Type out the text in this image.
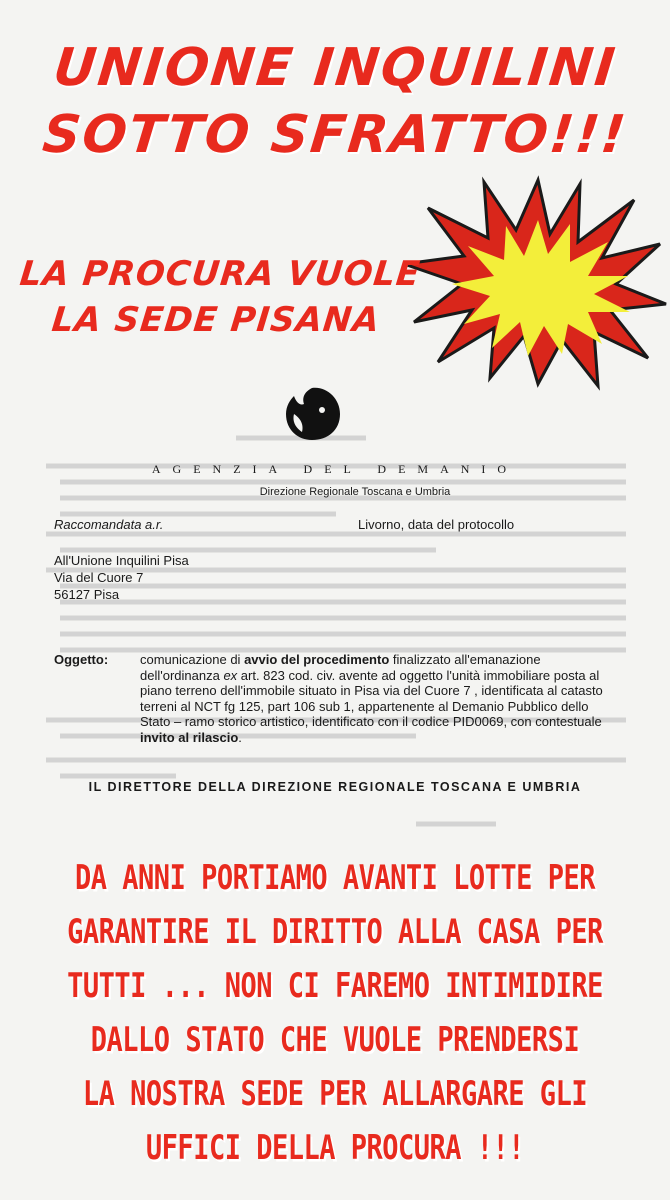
UNIONE INQUILINI
SOTTO SFRATTO!!!
LA PROCURA VUOLE
LA SEDE PISANA
AGENZIA DEL DEMANIO
Direzione Regionale Toscana e Umbria
Raccomandata a.r.	Livorno, data del protocollo
All'Unione Inquilini Pisa
Via del Cuore 7
56127 Pisa
Oggetto: comunicazione di avvio del procedimento finalizzato all'emanazione dell'ordinanza ex art. 823 cod. civ. avente ad oggetto l'unità immobiliare posta al piano terreno dell'immobile situato in Pisa via del Cuore 7 , identificata al catasto terreni al NCT fg 125, part 106 sub 1, appartenente al Demanio Pubblico dello Stato – ramo storico artistico, identificato con il codice PID0069, con contestuale invito al rilascio.
IL DIRETTORE DELLA DIREZIONE REGIONALE TOSCANA E UMBRIA
DA ANNI PORTIAMO AVANTI LOTTE PER
GARANTIRE IL DIRITTO ALLA CASA PER
TUTTI ... NON CI FAREMO INTIMIDIRE
DALLO STATO CHE VUOLE PRENDERSI
LA NOSTRA SEDE PER ALLARGARE GLI
UFFICI DELLA PROCURA !!!
